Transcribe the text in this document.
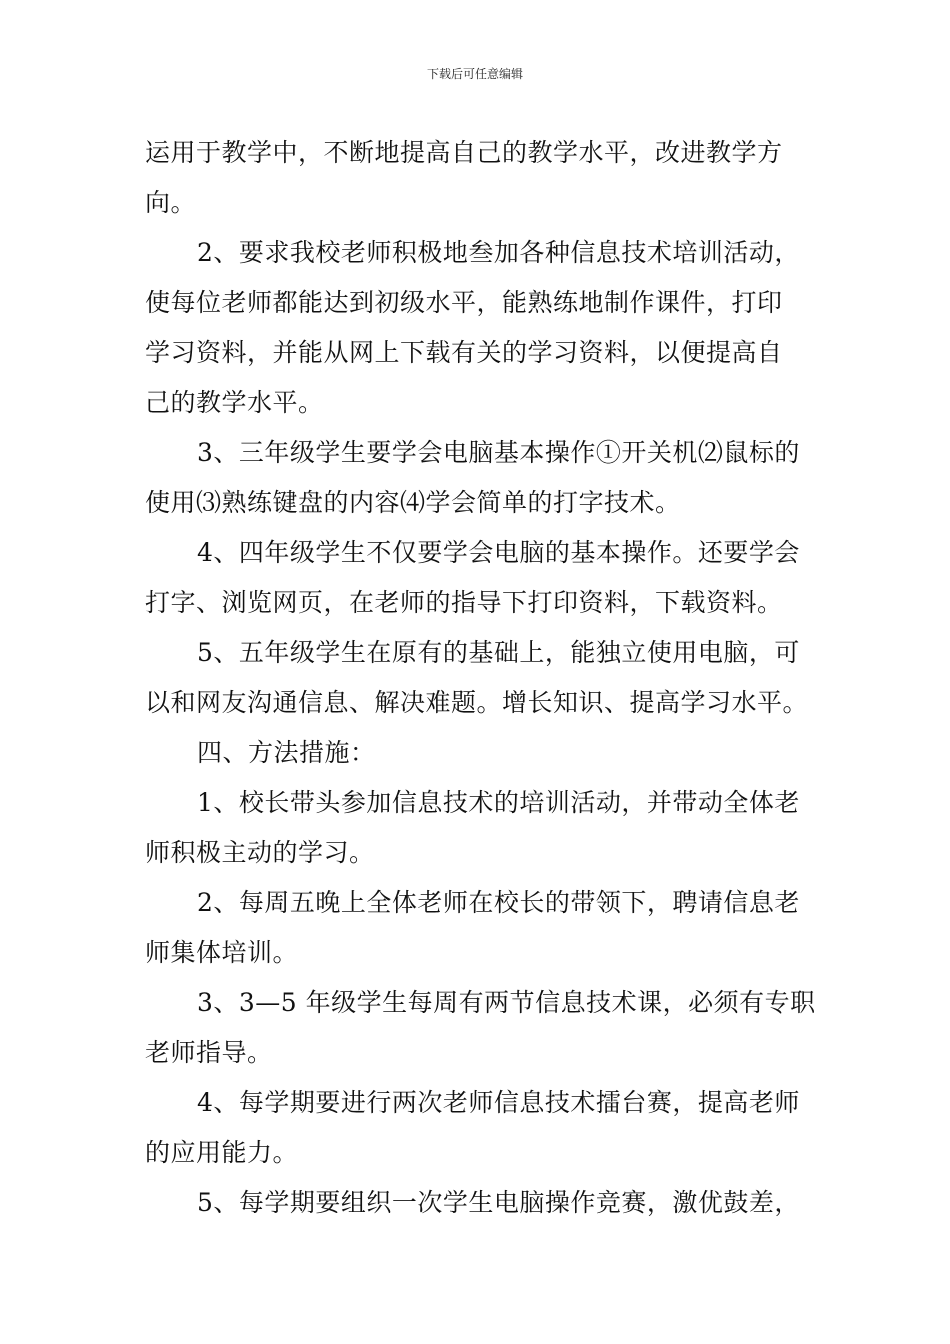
下载后可任意编辑

运用于教学中，不断地提高自己的教学水平，改进教学方
向。

2、要求我校老师积极地叁加各种信息技术培训活动，
使每位老师都能达到初级水平，能熟练地制作课件，打印
学习资料，并能从网上下载有关的学习资料，以便提高自
己的教学水平。

3、三年级学生要学会电脑基本操作①开关机⑵鼠标的
使用⑶熟练键盘的内容⑷学会简单的打字技术。

4、四年级学生不仅要学会电脑的基本操作。还要学会
打字、浏览网页，在老师的指导下打印资料，下载资料。

5、五年级学生在原有的基础上，能独立使用电脑，可
以和网友沟通信息、解决难题。增长知识、提高学习水平。

四、方法措施：

1、校长带头参加信息技术的培训活动，并带动全体老
师积极主动的学习。

2、每周五晚上全体老师在校长的带领下，聘请信息老
师集体培训。

3、3—5 年级学生每周有两节信息技术课，必须有专职
老师指导。

4、每学期要进行两次老师信息技术擂台赛，提高老师
的应用能力。

5、每学期要组织一次学生电脑操作竞赛，激优鼓差，
